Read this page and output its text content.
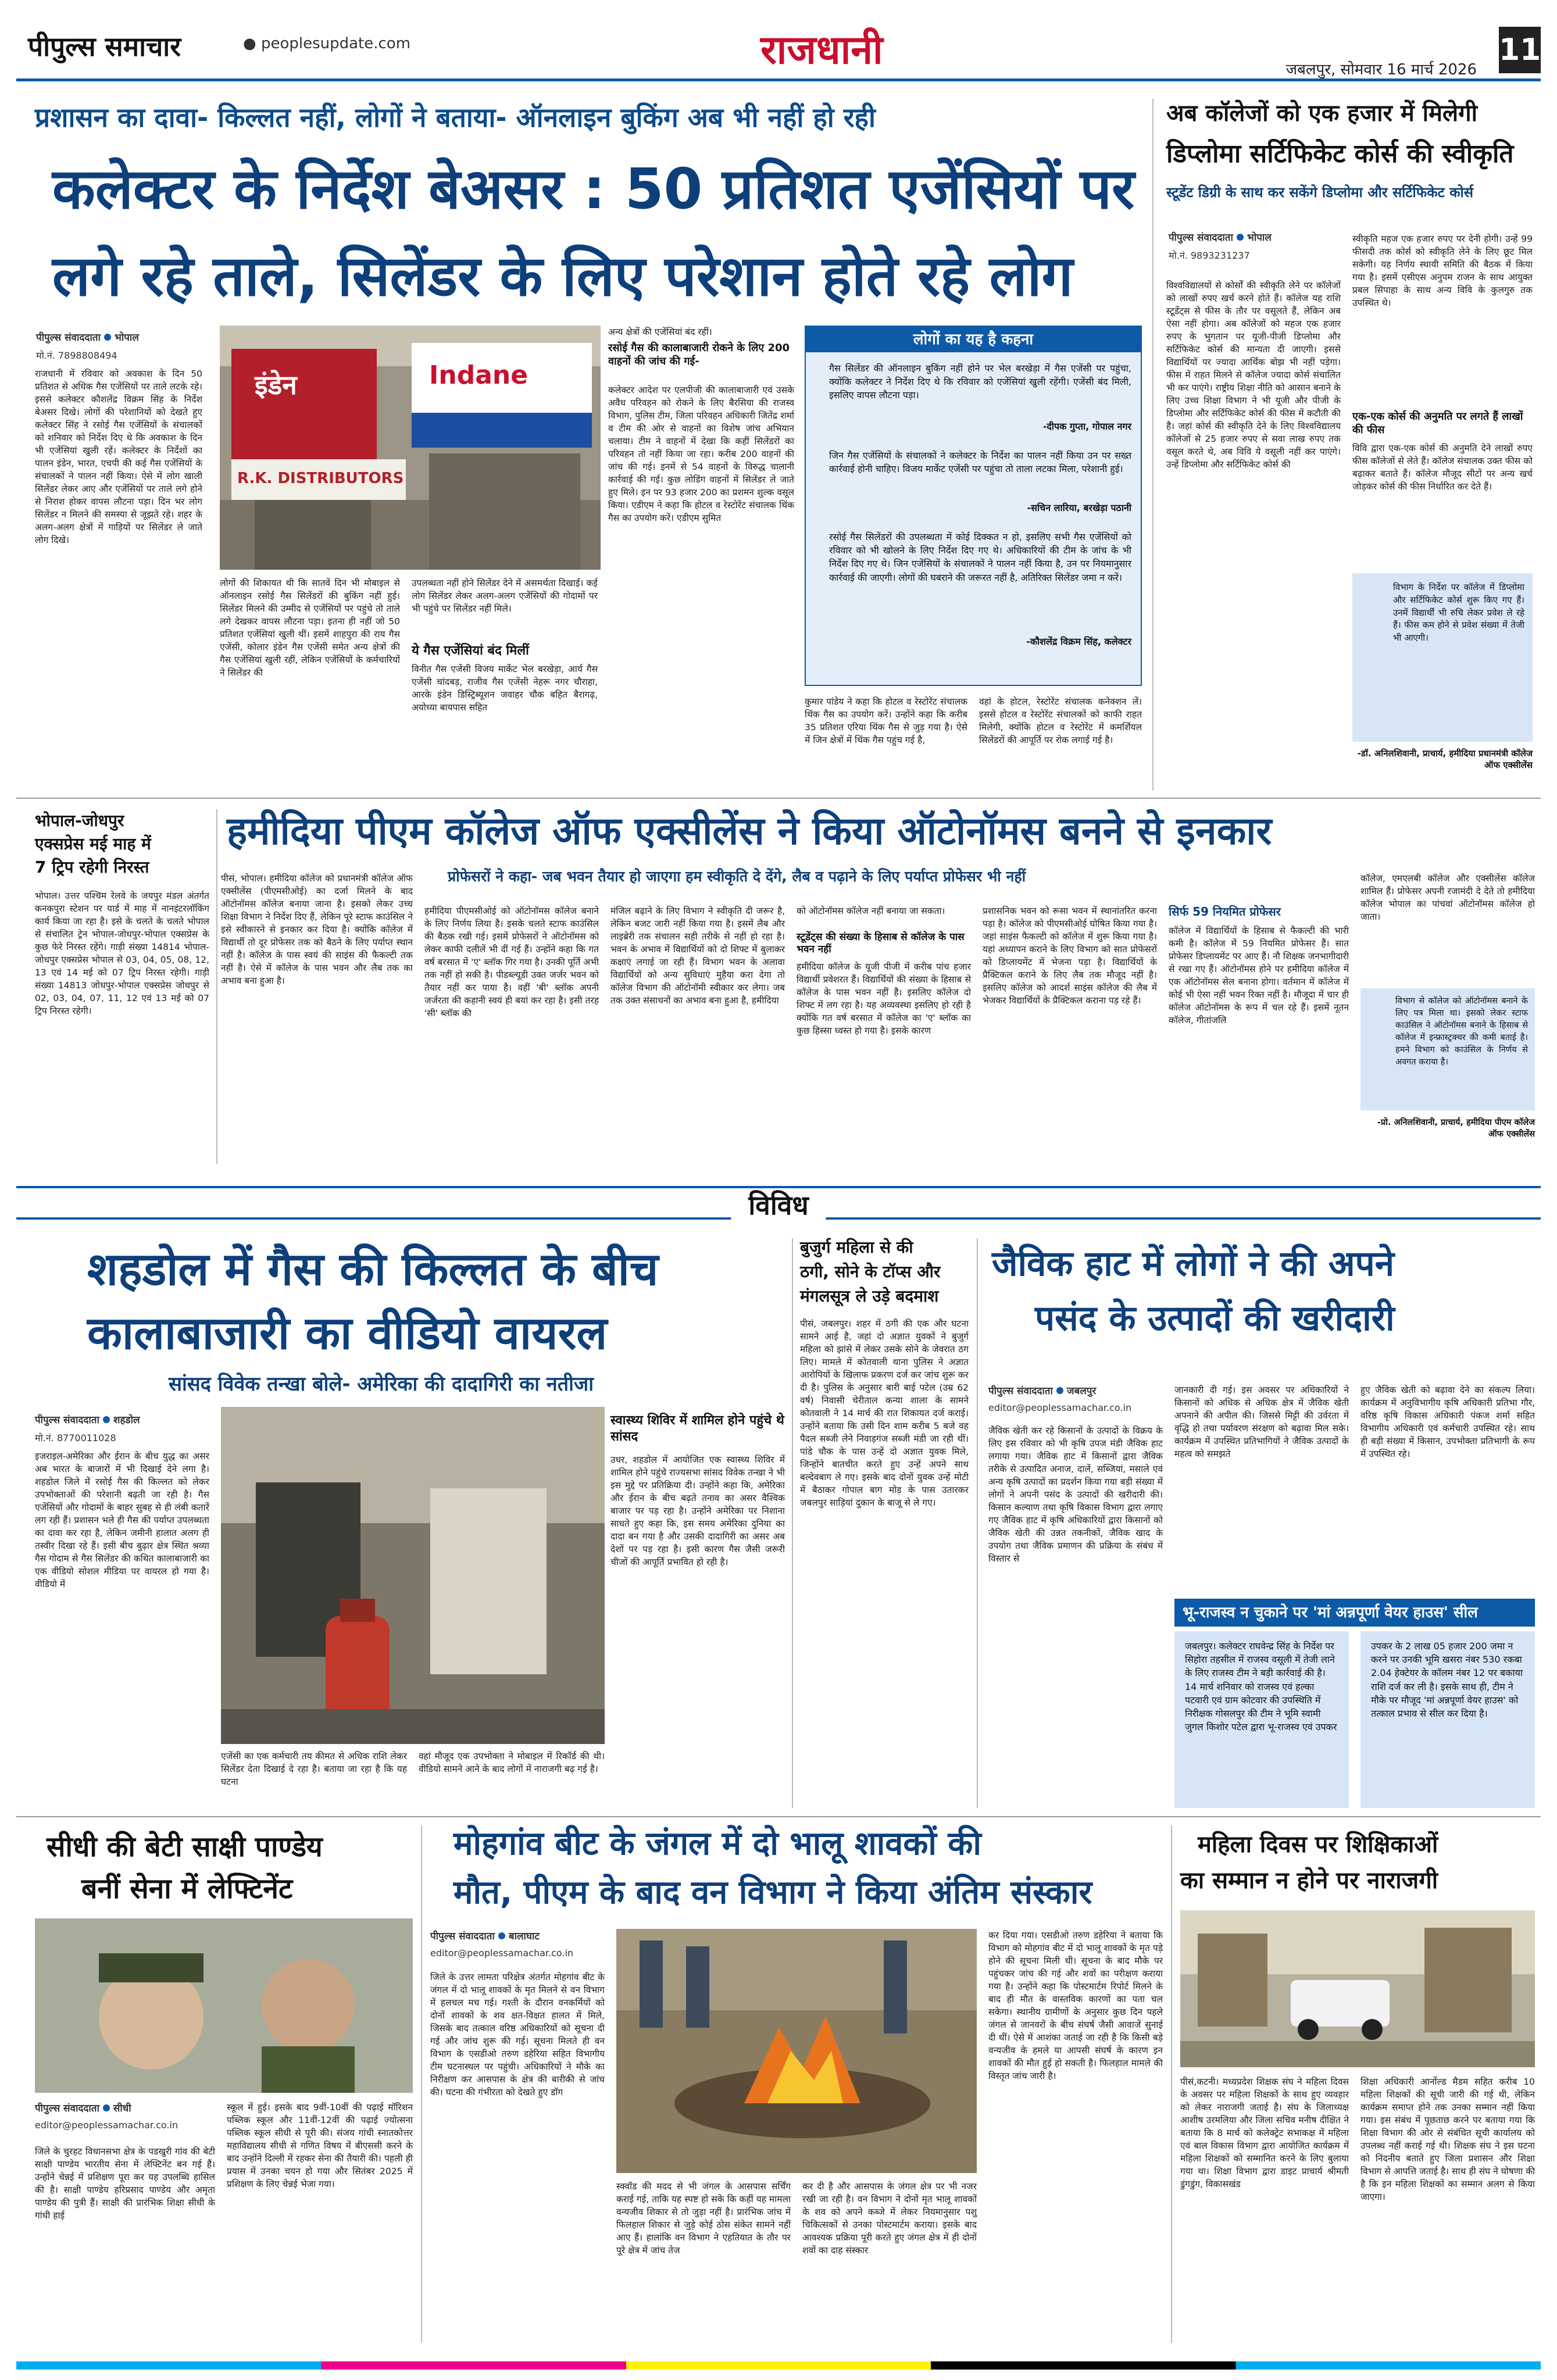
पीपुल्स समाचार	● peoplesupdate.com	राजधानी	जबलपुर, सोमवार 16 मार्च 2026
11
प्रशासन का दावा- किल्लत नहीं, लोगों ने बताया- ऑनलाइन बुकिंग अब भी नहीं हो रही
कलेक्टर के निर्देश बेअसर : 50 प्रतिशत एजेंसियों पर
लगे रहे ताले, सिलेंडर के लिए परेशान होते रहे लोग
पीपुल्स संवाददाता भोपाल
मो.नं. 7898808494
राजधानी में रविवार को अवकाश के दिन 50 प्रतिशत से अधिक गैस एजेंसियों पर ताले लटके रहे। इससे कलेक्टर कौशलेंद्र विक्रम सिंह के निर्देश बेअसर दिखे। लोगों की परेशानियों को देखते हुए कलेक्टर सिंह ने रसोई गैस एजेंसियों के संचालकों को शनिवार को निर्देश दिए थे कि अवकाश के दिन भी एजेंसियां खुली रहें। कलेक्टर के निर्देशों का पालन इंडेन, भारत, एचपी की कई गैस एजेंसियों के संचालकों ने पालन नहीं किया। ऐसे में लोग खाली सिलेंडर लेकर आए और एजेंसियों पर ताले लगे होने से निराश होकर वापस लौटना पड़ा। दिन भर लोग सिलेंडर न मिलने की समस्या से जूझते रहे। शहर के अलग-अलग क्षेत्रों में गाड़ियों पर सिलेंडर ले जाते लोग दिखे।
इंडेन
R.K. DISTRIBUTORS
Indane
लोगों की शिकायत थी कि सातवें दिन भी मोबाइल से ऑनलाइन रसोई गैस सिलेंडरों की बुकिंग नहीं हुई। सिलेंडर मिलने की उम्मीद से एजेंसियों पर पहुंचे तो ताले लगे देखकर वापस लौटना पड़ा। इतना ही नहीं जो 50 प्रतिशत एजेंसियां खुली थीं। इसमें शाहपुरा की राय गैस एजेंसी, कोलार इंडेन गैस एजेंसी समेत अन्य क्षेत्रों की गैस एजेंसियां खुली रहीं, लेकिन एजेंसियों के कर्मचारियों ने सिलेंडर की
उपलब्धता नहीं होने सिलेंडर देने में असमर्थता दिखाई। कई लोग सिलेंडर लेकर अलग-अलग एजेंसियों की गोदामों पर भी पहुंचे पर सिलेंडर नहीं मिले।
ये गैस एजेंसियां बंद मिलीं
विनीत गैस एजेंसी विजय मार्केट भेल बरखेड़ा, आर्य गैस एजेंसी चांदबड़, राजीव गैस एजेंसी नेहरू नगर चौराहा, आरके इंडेन डिस्ट्रिब्यूशन जवाहर चौक बहित बैरागढ़, अयोध्या बायपास सहित
अन्य क्षेत्रों की एजेंसियां बंद रहीं।
रसोई गैस की कालाबाजारी रोकने के लिए 200 वाहनों की जांच की गई-
कलेक्टर आदेश पर एलपीजी की कालाबाजारी एवं उसके अवैध परिवहन को रोकने के लिए बैरसिया की राजस्व विभाग, पुलिस टीम, जिला परिवहन अधिकारी जितेंद्र शर्मा व टीम की ओर से वाहनों का विशेष जांच अभियान चलाया। टीम ने वाहनों में देखा कि कहीं सिलेंडरों का परिवहन तो नहीं किया जा रहा। करीब 200 वाहनों की जांच की गई। इनमें से 54 वाहनों के विरुद्ध चालानी कार्रवाई की गई। कुछ लोडिंग वाहनों में सिलेंडर ले जाते हुए मिले। इन पर 93 हजार 200 का प्रशमन शुल्क वसूल किया। एडीएम ने कहा कि होटल व रेस्टोरेंट संचालक थिंक गैस का उपयोग करें। एडीएम सुमित
लोगों का यह है कहना
गैस सिलेंडर की ऑनलाइन बुकिंग नहीं होने पर भेल बरखेड़ा में गैस एजेंसी पर पहुंचा, क्योंकि कलेक्टर ने निर्देश दिए थे कि रविवार को एजेंसियां खुली रहेंगी। एजेंसी बंद मिली, इसलिए वापस लौटना पड़ा।
-दीपक गुप्ता, गोपाल नगर
जिन गैस एजेंसियों के संचालकों ने कलेक्टर के निर्देश का पालन नहीं किया उन पर सख्त कार्रवाई होनी चाहिए। विजय मार्केट एजेंसी पर पहुंचा तो ताला लटका मिला, परेशानी हुई।
-सचिन लारिया, बरखेड़ा पठानी
रसोई गैस सिलेंडरों की उपलब्धता में कोई दिक्कत न हो, इसलिए सभी गैस एजेंसियों को रविवार को भी खोलने के लिए निर्देश दिए गए थे। अधिकारियों की टीम के जांच के भी निर्देश दिए गए थे। जिन एजेंसियों के संचालकों ने पालन नहीं किया है, उन पर नियमानुसार कार्रवाई की जाएगी। लोगों की घबराने की जरूरत नहीं है, अतिरिक्त सिलेंडर जमा न करें।
-कौशलेंद्र विक्रम सिंह, कलेक्टर
कुमार पांडेय ने कहा कि होटल व रेस्टोरेंट संचालक थिंक गैस का उपयोग करें। उन्होंने कहा कि करीब 35 प्रतिशत एरिया थिंक गैस से जुड़ गया है। ऐसे में जिन क्षेत्रों में थिंक गैस पहुंच गई है,
वहां के होटल, रेस्टोरेंट संचालक कनेक्शन लें। इससे होटल व रेस्टोरेंट संचालकों को काफी राहत मिलेगी, क्योंकि होटल व रेस्टोरेंट में कमर्शियल सिलेंडरों की आपूर्ति पर रोक लगाई गई है।
अब कॉलेजों को एक हजार में मिलेगी
डिप्लोमा सर्टिफिकेट कोर्स की स्वीकृति
स्टूडेंट डिग्री के साथ कर सकेंगे डिप्लोमा और सर्टिफिकेट कोर्स
पीपुल्स संवाददाता भोपाल
मो.नं. 9893231237
विश्वविद्यालयों से कोर्सों की स्वीकृति लेने पर कॉलेजों को लाखों रुपए खर्च करने होते हैं। कॉलेज यह राशि स्टूडेंट्स से फीस के तौर पर वसूलते हैं, लेकिन अब ऐसा नहीं होगा। अब कॉलेजों को महज एक हजार रुपए के भुगतान पर यूजी-पीजी डिप्लोमा और सर्टिफिकेट कोर्स की मान्यता दी जाएगी। इससे विद्यार्थियों पर ज्यादा आर्थिक बोझ भी नहीं पड़ेगा। फीस में राहत मिलने से कॉलेज ज्यादा कोर्स संचालित भी कर पाएंगे। राष्ट्रीय शिक्षा नीति को आसान बनाने के लिए उच्च शिक्षा विभाग ने भी यूजी और पीजी के डिप्लोमा और सर्टिफिकेट कोर्स की फीस में कटौती की है। जहां कोर्स की स्वीकृति देने के लिए विश्वविद्यालय कॉलेजों से 25 हजार रुपए से सवा लाख रुपए तक वसूल करते थे, अब विवि ये वसूली नहीं कर पाएंगे। उन्हें डिप्लोमा और सर्टिफिकेट कोर्स की
स्वीकृति महज एक हजार रुपए पर देनी होगी। उन्हें 99 फीसदी तक कोर्स को स्वीकृति लेने के लिए छूट मिल सकेगी। यह निर्णय स्थायी समिति की बैठक में किया गया है। इसमें एसीएस अनुपम राजन के साथ आयुक्त प्रबल सिपाहा के साथ अन्य विवि के कुलगुरु तक उपस्थित थे।
एक-एक कोर्स की अनुमति पर लगते हैं लाखों की फीस
विवि द्वारा एक-एक कोर्स की अनुमति देने लाखों रुपए फीस कॉलेजों से लेते हैं। कॉलेज संचालक उक्त फीस को बढ़ाकर बताते हैं। कॉलेज मौजूद सीटों पर अन्य खर्च जोड़कर कोर्स की फीस निर्धारित कर देते हैं।
विभाग के निर्देश पर कॉलेज में डिप्लोमा और सर्टिफिकेट कोर्स शुरू किए गए हैं। उनमें विद्यार्थी भी रुचि लेकर प्रवेश ले रहे हैं। फीस कम होने से प्रवेश संख्या में तेजी भी आएगी।
-डॉ. अनिलशिवानी, प्राचार्य, हमीदिया प्रधानमंत्री कॉलेज ऑफ एक्सीलेंस
भोपाल-जोधपुर
एक्सप्रेस मई माह में
7 ट्रिप रहेगी निरस्त
भोपाल। उत्तर पश्चिम रेलवे के जयपुर मंडल अंतर्गत कनकपुरा स्टेशन पर यार्ड में माह में नानइंटरलॉकिंग कार्य किया जा रहा है। इसे के चलते के चलते भोपाल से संचालित ट्रेन भोपाल-जोधपुर-भोपाल एक्सप्रेस के कुछ फेरे निरस्त रहेंगे। गाड़ी संख्या 14814 भोपाल-जोधपुर एक्सप्रेस भोपाल से 03, 04, 05, 08, 12, 13 एवं 14 मई को 07 ट्रिप निरस्त रहेगी। गाड़ी संख्या 14813 जोधपुर-भोपाल एक्सप्रेस जोधपुर से 02, 03, 04, 07, 11, 12 एवं 13 मई को 07 ट्रिप निरस्त रहेगी।
हमीदिया पीएम कॉलेज ऑफ एक्सीलेंस ने किया ऑटोनॉमस बनने से इनकार
प्रोफेसरों ने कहा- जब भवन तैयार हो जाएगा हम स्वीकृति दे देंगे, लैब व पढ़ाने के लिए पर्याप्त प्रोफेसर भी नहीं
पीसं, भोपाल। हमीदिया कॉलेज को प्रधानमंत्री कॉलेज ऑफ एक्सीलेंस (पीएमसीओई) का दर्जा मिलने के बाद ऑटोनॉमस कॉलेज बनाया जाना है। इसको लेकर उच्च शिक्षा विभाग ने निर्देश दिए हैं, लेकिन पूरे स्टाफ काउंसिल ने इसे स्वीकारने से इनकार कर दिया है। क्योंकि कॉलेज में विद्यार्थी तो दूर प्रोफेसर तक को बैठने के लिए पर्याप्त स्थान नहीं है। कॉलेज के पास स्वयं की साइंस की फैकल्टी तक नहीं है। ऐसे में कॉलेज के पास भवन और लैब तक का अभाव बना हुआ है।
हमीदिया पीएमसीओई को ऑटोनॉमस कॉलेज बनाने के लिए निर्णय लिया है। इसके चलते स्टाफ काउंसिल की बैठक रखी गई। इसमें प्रोफेसरों ने ऑटोनॉमस को लेकर काफी दलीलें भी दीं गई हैं। उन्होंने कहा कि गत वर्ष बरसात में 'ए' ब्लॉक गिर गया है। उनकी पूर्ति अभी तक नहीं हो सकी है। पीडब्ल्यूडी उक्त जर्जर भवन को तैयार नहीं कर पाया है। वहीं 'बी' ब्लॉक अपनी जर्जरता की कहानी स्वयं ही बयां कर रहा है। इसी तरह 'सी' ब्लॉक की
मंजिल बढ़ाने के लिए विभाग ने स्वीकृति दी जरूर है, लेकिन बजट जारी नहीं किया गया है। इसमें लैब और लाइब्रेरी तक संचालन सही तरीके से नहीं हो रहा है। भवन के अभाव में विद्यार्थियों को दो शिफ्ट में बुलाकर कक्षाएं लगाई जा रही हैं। विभाग भवन के अलावा विद्यार्थियों को अन्य सुविधाएं मुहैया करा देगा तो कॉलेज विभाग की ऑटोनॉमी स्वीकार कर लेगा। जब तक उक्त संसाधनों का अभाव बना हुआ है, हमीदिया
को ऑटोनॉमस कॉलेज नहीं बनाया जा सकता।
स्टूडेंट्स की संख्या के हिसाब से कॉलेज के पास भवन नहीं
हमीदिया कॉलेज के यूजी पीजी में करीब पांच हजार विद्यार्थी प्रवेशरत हैं। विद्यार्थियों की संख्या के हिसाब से कॉलेज के पास भवन नहीं है। इसलिए कॉलेज दो शिफ्ट में लग रहा है। यह अव्यवस्था इसलिए हो रही है क्योंकि गत वर्ष बरसात में कॉलेज का 'ए' ब्लॉक का कुछ हिस्सा ध्वस्त हो गया है। इसके कारण
प्रशासनिक भवन को रूसा भवन में स्थानांतरित करना पड़ा है। कॉलेज को पीएमसीओई घोषित किया गया है। जहां साइंस फैकल्टी को कॉलेज में शुरू किया गया है। यहां अध्यापन कराने के लिए विभाग को सात प्रोफेसरों को डिप्लायमेंट में भेजना पड़ा है। विद्यार्थियों के प्रैक्टिकल कराने के लिए लैब तक मौजूद नहीं है। इसलिए कॉलेज को आदर्श साइंस कॉलेज की लैब में भेजकर विद्यार्थियों के प्रैक्टिकल कराना पड़ रहे हैं।
सिर्फ 59 नियमित प्रोफेसर
कॉलेज में विद्यार्थियों के हिसाब से फैकल्टी की भारी कमी है। कॉलेज में 59 नियमित प्रोफेसर हैं। सात प्रोफेसर डिप्लायमेंट पर आए हैं। नौ शिक्षक जनभागीदारी से रखा गए हैं। ऑटोनॉमस होने पर हमीदिया कॉलेज में एक ऑटोनॉमस सेल बनाना होगा। वर्तमान में कॉलेज में कोई भी ऐसा नहीं भवन रिक्त नहीं है। मौजूदा में चार ही कॉलेज ऑटोनॉमस के रूप में चल रहे हैं। इसमें नूतन कॉलेज, गीतांजलि
कॉलेज, एमएलबी कॉलेज और एक्सीलेंस कॉलेज शामिल हैं। प्रोफेसर अपनी रजामंदी दे देते तो हमीदिया कॉलेज भोपाल का पांचवां ऑटोनॉमस कॉलेज हो जाता।
विभाग से कॉलेज को ऑटोनॉमस बनाने के लिए पत्र मिला था। इसको लेकर स्टाफ काउंसिल ने ऑटोनॉमस बनाने के हिसाब से कॉलेज में इन्फ्रास्ट्रक्चर की कमी बताई है। हमने विभाग को काउंसिल के निर्णय से अवगत कराया है।
-प्रो. अनिलशिवानी, प्राचार्य, हमीदिया पीएम कॉलेज ऑफ एक्सीलेंस
विविध
शहडोल में गैस की किल्लत के बीच
कालाबाजारी का वीडियो वायरल
सांसद विवेक तन्खा बोले- अमेरिका की दादागिरी का नतीजा
पीपुल्स संवाददाता शहडोल
मो.नं. 8770011028
इजराइल-अमेरिका और ईरान के बीच युद्ध का असर अब भारत के बाजारों में भी दिखाई देने लगा है। शहडोल जिले में रसोई गैस की किल्लत को लेकर उपभोक्ताओं की परेशानी बढ़ती जा रही है। गैस एजेंसियों और गोदामों के बाहर सुबह से ही लंबी कतारें लग रही हैं। प्रशासन भले ही गैस की पर्याप्त उपलब्धता का दावा कर रहा है, लेकिन जमीनी हालात अलग ही तस्वीर दिखा रहे हैं। इसी बीच बुढ़ार क्षेत्र स्थित श्रव्या गैस गोदाम से गैस सिलेंडर की कथित कालाबाजारी का एक वीडियो सोशल मीडिया पर वायरल हो गया है। वीडियो में
एजेंसी का एक कर्मचारी तय कीमत से अधिक राशि लेकर सिलेंडर देता दिखाई दे रहा है। बताया जा रहा है कि यह घटना
वहां मौजूद एक उपभोक्ता ने मोबाइल में रिकॉर्ड की थी। वीडियो सामने आने के बाद लोगों में नाराजगी बढ़ गई है।
स्वास्थ्य शिविर में शामिल होने पहुंचे थे सांसद
उधर, शहडोल में आयोजित एक स्वास्थ्य शिविर में शामिल होने पहुंचे राज्यसभा सांसद विवेक तन्खा ने भी इस मुद्दे पर प्रतिक्रिया दी। उन्होंने कहा कि, अमेरिका और ईरान के बीच बढ़ते तनाव का असर वैश्विक बाजार पर पड़ रहा है। उन्होंने अमेरिका पर निशाना साधते हुए कहा कि, इस समय अमेरिका दुनिया का दादा बन गया है और उसकी दादागिरी का असर अब देशों पर पड़ रहा है। इसी कारण गैस जैसी जरूरी चीजों की आपूर्ति प्रभावित हो रही है।
बुजुर्ग महिला से की
ठगी, सोने के टॉप्स और
मंगलसूत्र ले उड़े बदमाश
पीसं, जबलपुर। शहर में ठगी की एक और घटना सामने आई है, जहां दो अज्ञात युवकों ने बुजुर्ग महिला को झांसे में लेकर उसके सोने के जेवरात ठग लिए। मामले में कोतवाली थाना पुलिस ने अज्ञात आरोपियों के खिलाफ प्रकरण दर्ज कर जांच शुरू कर दी है। पुलिस के अनुसार बारी बाई पटेल (उम्र 62 वर्ष) निवासी चेरीताल कन्या शाला के सामने कोतवाली ने 14 मार्च की रात शिकायत दर्ज कराई। उन्होंने बताया कि उसी दिन शाम करीब 5 बजे वह पैदल सब्जी लेने निवाड़गंज सब्जी मंडी जा रही थीं। पांडे चौक के पास उन्हें दो अज्ञात युवक मिले, जिन्होंने बातचीत करते हुए उन्हें अपने साथ बल्देवबाग ले गए। इसके बाद दोनों युवक उन्हें मोटी में बैठाकर गोपाल बाग मोड़ के पास उतारकर जबलपुर साड़ियां दुकान के बाजू से ले गए।
जैविक हाट में लोगों ने की अपने
पसंद के उत्पादों की खरीदारी
पीपुल्स संवाददाता जबलपुर
editor@peoplessamachar.co.in
जैविक खेती कर रहे किसानों के उत्पादों के विक्रय के लिए इस रविवार को भी कृषि उपज मंडी जैविक हाट लगाया गया। जैविक हाट में किसानों द्वारा जैविक तरीके से उत्पादित अनाज, दालें, सब्जियां, मसाले एवं अन्य कृषि उत्पादों का प्रदर्शन किया गया बड़ी संख्या में लोगों ने अपनी पसंद के उत्पादों की खरीदारी की। किसान कल्याण तथा कृषि विकास विभाग द्वारा लगाए गए जैविक हाट में कृषि अधिकारियों द्वारा किसानों को जैविक खेती की उन्नत तकनीकों, जैविक खाद के उपयोग तथा जैविक प्रमाणन की प्रक्रिया के संबंध में विस्तार से
जानकारी दी गई। इस अवसर पर अधिकारियों ने किसानों को अधिक से अधिक क्षेत्र में जैविक खेती अपनाने की अपील की। जिससे मिट्टी की उर्वरता में वृद्धि हो तथा पर्यावरण संरक्षण को बढ़ावा मिल सके। कार्यक्रम में उपस्थित प्रतिभागियों ने जैविक उत्पादों के महत्व को समझते
हुए जैविक खेती को बढ़ावा देने का संकल्प लिया। कार्यक्रम में अनुविभागीय कृषि अधिकारी प्रतिभा गौर, वरिष्ठ कृषि विकास अधिकारी पंकज शर्मा सहित विभागीय अधिकारी एवं कर्मचारी उपस्थित रहे। साथ ही बड़ी संख्या में किसान, उपभोक्ता प्रतिभागी के रूप में उपस्थित रहे।
भू-राजस्व न चुकाने पर 'मां अन्नपूर्णा वेयर हाउस' सील
जबलपुर। कलेक्टर राघवेन्द्र सिंह के निर्देश पर सिहोरा तहसील में राजस्व वसूली में तेजी लाने के लिए राजस्व टीम ने बड़ी कार्रवाई की है। 14 मार्च शनिवार को राजस्व एवं हल्का पटवारी एवं ग्राम कोटवार की उपस्थिति में निरीक्षक गोसलपुर की टीम ने भूमि स्वामी जुगल किशोर पटेल द्वारा भू-राजस्व एवं उपकर
उपकर के 2 लाख 05 हजार 200 जमा न करने पर उनकी भूमि खसरा नंबर 530 रकबा 2.04 हेक्टेयर के कॉलम नंबर 12 पर बकाया राशि दर्ज कर ली है। इसके साथ ही, टीम ने मौके पर मौजूद 'मां अन्नपूर्णा वेयर हाउस' को तत्काल प्रभाव से सील कर दिया है।
सीधी की बेटी साक्षी पाण्डेय
बनीं सेना में लेफ्टिनेंट
पीपुल्स संवाददाता सीधी
editor@peoplessamachar.co.in
जिले के चुरहट विधानसभा क्षेत्र के पडखुरी गांव की बेटी साक्षी पाण्डेय भारतीय सेना में लेफ्टिनेंट बन गई हैं। उन्होंने चेन्नई में प्रशिक्षण पूरा कर यह उपलब्धि हासिल की है। साक्षी पाण्डेय हरिप्रसाद पाण्डेय और अमृता पाण्डेय की पुत्री हैं। साक्षी की प्रारंभिक शिक्षा सीधी के गांधी हाई
स्कूल में हुई। इसके बाद 9वीं-10वीं की पढ़ाई मॉरिशन पब्लिक स्कूल और 11वीं-12वीं की पढ़ाई ज्योत्सना पब्लिक स्कूल सीधी से पूरी की। संजय गांधी स्नातकोत्तर महाविद्यालय सीधी से गणित विषय में बीएससी करने के बाद उन्होंने दिल्ली में रहकर सेना की तैयारी की। पहली ही प्रयास में उनका चयन हो गया और सितंबर 2025 में प्रशिक्षण के लिए चेन्नई भेजा गया।
मोहगांव बीट के जंगल में दो भालू शावकों की
मौत, पीएम के बाद वन विभाग ने किया अंतिम संस्कार
पीपुल्स संवाददाता बालाघाट
editor@peoplessamachar.co.in
जिले के उत्तर लामता परिक्षेत्र अंतर्गत मोहगांव बीट के जंगल में दो भालू शावकों के मृत मिलने से वन विभाग में हलचल मच गई। गश्ती के दौरान वनकर्मियों को दोनों शावकों के शव क्षत-विक्षत हालत में मिले, जिसके बाद तत्काल वरिष्ठ अधिकारियों को सूचना दी गई और जांच शुरू की गई। सूचना मिलते ही वन विभाग के एसडीओ तरुण डहेरिया सहित विभागीय टीम घटनास्थल पर पहुंची। अधिकारियों ने मौके का निरीक्षण कर आसपास के क्षेत्र की बारीकी से जांच की। घटना की गंभीरता को देखते हुए डॉग
स्क्वॉड की मदद से भी जंगल के आसपास सर्चिंग कराई गई, ताकि यह स्पष्ट हो सके कि कहीं यह मामला वन्यजीव शिकार से तो जुड़ा नहीं है। प्रारंभिक जांच में फिलहाल शिकार से जुड़े कोई ठोस संकेत सामने नहीं आए हैं। हालांकि वन विभाग ने एहतियात के तौर पर पूरे क्षेत्र में जांच तेज
कर दी है और आसपास के जंगल क्षेत्र पर भी नजर रखी जा रही है। वन विभाग ने दोनों मृत भालू शावकों के शव को अपने कब्जे में लेकर नियमानुसार पशु चिकित्सकों से उनका पोस्टमार्टम कराया। इसके बाद आवश्यक प्रक्रिया पूरी करते हुए जंगल क्षेत्र में ही दोनों शवों का दाह संस्कार
कर दिया गया। एसडीओ तरुण डहेरिया ने बताया कि विभाग को मोहगांव बीट में दो भालू शावकों के मृत पड़े होने की सूचना मिली थी। सूचना के बाद मौके पर पहुंचकर जांच की गई और शवों का परीक्षण कराया गया है। उन्होंने कहा कि पोस्टमार्टम रिपोर्ट मिलने के बाद ही मौत के वास्तविक कारणों का पता चल सकेगा। स्थानीय ग्रामीणों के अनुसार कुछ दिन पहले जंगल से जानवरों के बीच संघर्ष जैसी आवाजें सुनाई दी थीं। ऐसे में आशंका जताई जा रही है कि किसी बड़े वन्यजीव के हमले या आपसी संघर्ष के कारण इन शावकों की मौत हुई हो सकती है। फिलहाल मामले की विस्तृत जांच जारी है।
महिला दिवस पर शिक्षिकाओं
का सम्मान न होने पर नाराजगी
पीसं,कटनी। मध्यप्रदेश शिक्षक संघ ने महिला दिवस के अवसर पर महिला शिक्षकों के साथ हुए व्यवहार को लेकर नाराजगी जताई है। संघ के जिलाध्यक्ष आशीष उरमलिया और जिला सचिव मनीष दीक्षित ने बताया कि 8 मार्च को कलेक्ट्रेट सभाकक्ष में महिला एवं बाल विकास विभाग द्वारा आयोजित कार्यक्रम में महिला शिक्षकों को सम्मानित करने के लिए बुलाया गया था। शिक्षा विभाग द्वारा डाइट प्राचार्य श्रीमती डुंगडुंग, विकासखंड
शिक्षा अधिकारी आर्नोल्ड मैडम सहित करीब 10 महिला शिक्षकों की सूची जारी की गई थी, लेकिन कार्यक्रम समाप्त होने तक उनका सम्मान नहीं किया गया। इस संबंध में पूछताछ करने पर बताया गया कि शिक्षा विभाग की ओर से संबंधित सूची कार्यालय को उपलब्ध नहीं कराई गई थी। शिक्षक संघ ने इस घटना को निंदनीय बताते हुए जिला प्रशासन और शिक्षा विभाग से आपत्ति जताई है। साथ ही संघ ने घोषणा की है कि इन महिला शिक्षकों का सम्मान अलग से किया जाएगा।
